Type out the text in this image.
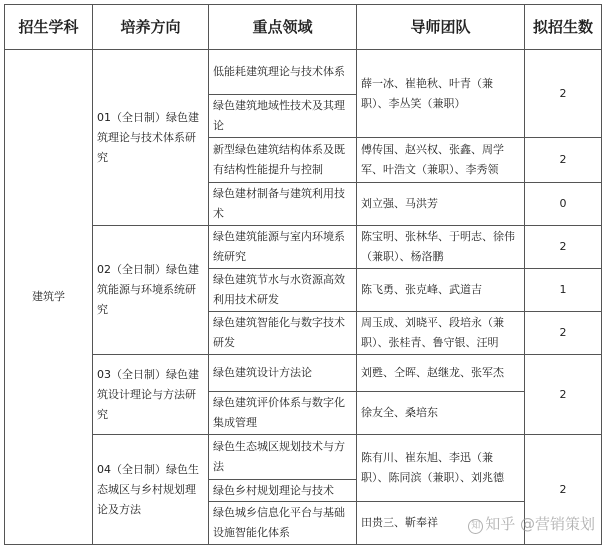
招生学科	培养方向	重点领域	导师团队	拟招生数
建筑学	01（全日制）绿色建筑理论与技术体系研究	低能耗建筑理论与技术体系	薛一冰、崔艳秋、叶青（兼职）、李丛笑（兼职）	2
		绿色建筑地域性技术及其理论		
		新型绿色建筑结构体系及既有结构性能提升与控制	傅传国、赵兴权、张鑫、周学军、叶浩文（兼职）、李秀领	2
		绿色建材制备与建筑利用技术	刘立强、马洪芳	0
	02（全日制）绿色建筑能源与环境系统研究	绿色建筑能源与室内环境系统研究	陈宝明、张林华、于明志、徐伟（兼职）、杨洛鹏	2
		绿色建筑节水与水资源高效利用技术研发	陈飞勇、张克峰、武道吉	1
		绿色建筑智能化与数字技术研发	周玉成、刘晓平、段培永（兼职）、张桂青、鲁守银、汪明	2
	03（全日制）绿色建筑设计理论与方法研究	绿色建筑设计方法论	刘甦、仝晖、赵继龙、张军杰	2
		绿色建筑评价体系与数字化集成管理	徐友全、桑培东	
	04（全日制）绿色生态城区与乡村规划理论及方法	绿色生态城区规划技术与方法	陈有川、崔东旭、李迅（兼职）、陈同滨（兼职）、刘兆德	2
		绿色乡村规划理论与技术		
		绿色城乡信息化平台与基础设施智能化体系	田贵三、靳奉祥		知 知乎 @营销策划
